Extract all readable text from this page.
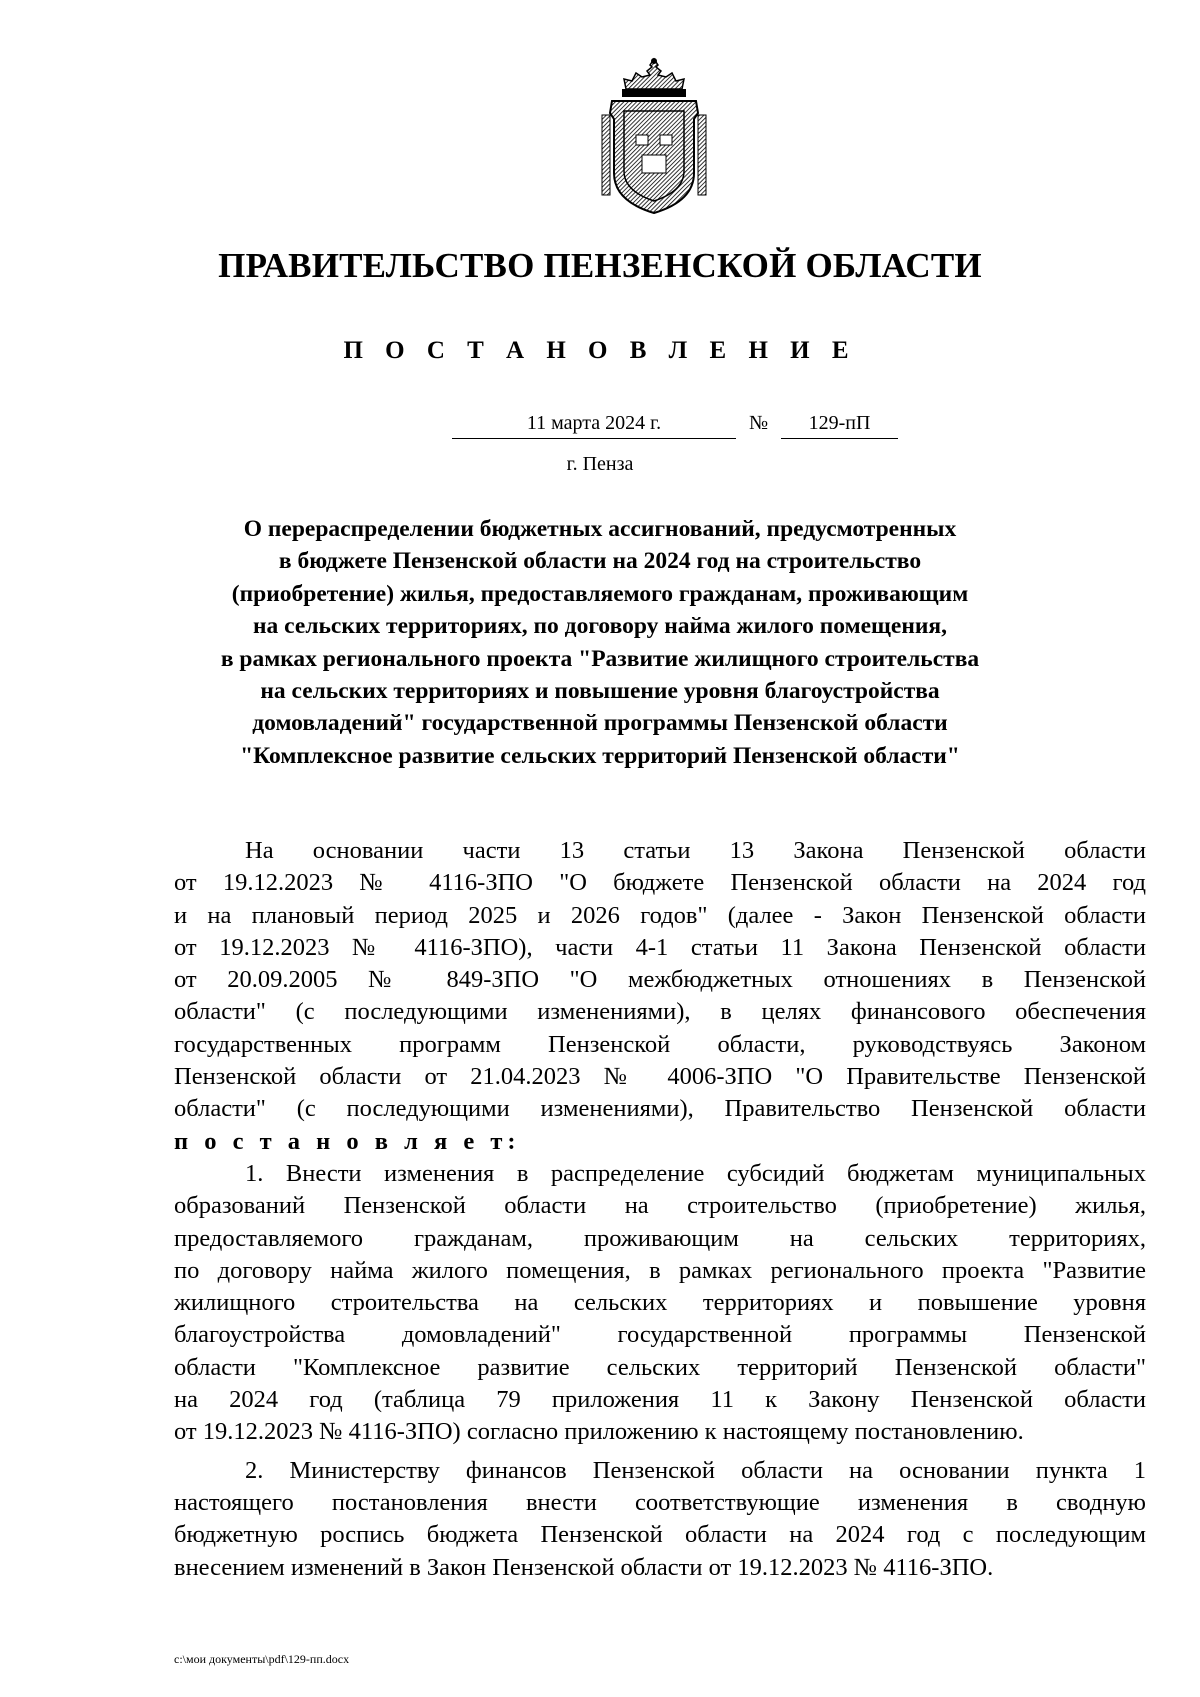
ПРАВИТЕЛЬСТВО ПЕНЗЕНСКОЙ ОБЛАСТИ
П О С Т А Н О В Л Е Н И Е
11 марта 2024 г.	№	129-пП
г. Пенза
О перераспределении бюджетных ассигнований, предусмотренных
в бюджете Пензенской области на 2024 год на строительство
(приобретение) жилья, предоставляемого гражданам, проживающим
на сельских территориях, по договору найма жилого помещения,
в рамках регионального проекта "Развитие жилищного строительства
на сельских территориях и повышение уровня благоустройства
домовладений" государственной программы Пензенской области
"Комплексное развитие сельских территорий Пензенской области"
На основании части 13 статьи 13 Закона Пензенской области
от 19.12.2023 № 4116-ЗПО "О бюджете Пензенской области на 2024 год
и на плановый период 2025 и 2026 годов" (далее - Закон Пензенской области
от 19.12.2023 № 4116-ЗПО), части 4-1 статьи 11 Закона Пензенской области
от 20.09.2005 № 849-ЗПО "О межбюджетных отношениях в Пензенской
области" (с последующими изменениями), в целях финансового обеспечения
государственных программ Пензенской области, руководствуясь Законом
Пензенской области от 21.04.2023 № 4006-ЗПО "О Правительстве Пензенской
области" (с последующими изменениями), Правительство Пензенской области
п о с т а н о в л я е т:
1. Внести изменения в распределение субсидий бюджетам муниципальных
образований Пензенской области на строительство (приобретение) жилья,
предоставляемого гражданам, проживающим на сельских территориях,
по договору найма жилого помещения, в рамках регионального проекта "Развитие
жилищного строительства на сельских территориях и повышение уровня
благоустройства домовладений" государственной программы Пензенской
области "Комплексное развитие сельских территорий Пензенской области"
на 2024 год (таблица 79 приложения 11 к Закону Пензенской области
от 19.12.2023 № 4116-ЗПО) согласно приложению к настоящему постановлению.
2. Министерству финансов Пензенской области на основании пункта 1
настоящего постановления внести соответствующие изменения в сводную
бюджетную роспись бюджета Пензенской области на 2024 год с последующим
внесением изменений в Закон Пензенской области от 19.12.2023 № 4116-ЗПО.
c:\мои документы\pdf\129-пп.docx
